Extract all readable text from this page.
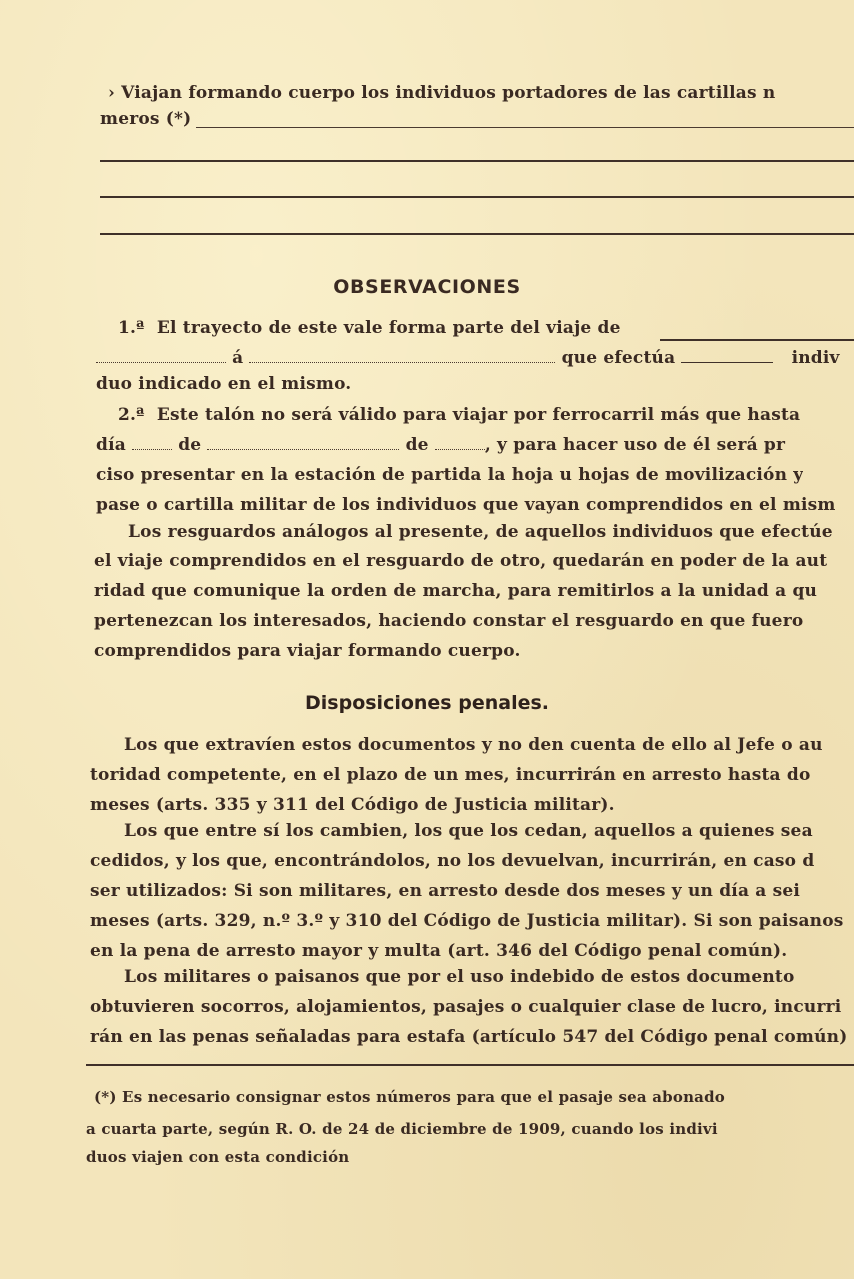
› Viajan formando cuerpo los individuos portadores de las cartillas n
meros (*)
OBSERVACIONES
1.ª El trayecto de este vale forma parte del viaje de
á	que efectúa	indiv
duo indicado en el mismo.
2.ª Este talón no será válido para viajar por ferrocarril más que hasta
día	de	de	, y para hacer uso de él será pr
ciso presentar en la estación de partida la hoja u hojas de movilización y
pase o cartilla militar de los individuos que vayan comprendidos en el mism
Los resguardos análogos al presente, de aquellos individuos que efectúe
el viaje comprendidos en el resguardo de otro, quedarán en poder de la aut
ridad que comunique la orden de marcha, para remitirlos a la unidad a qu
pertenezcan los interesados, haciendo constar el resguardo en que fuero
comprendidos para viajar formando cuerpo.
Disposiciones penales.
Los que extravíen estos documentos y no den cuenta de ello al Jefe o au
toridad competente, en el plazo de un mes, incurrirán en arresto hasta do
meses (arts. 335 y 311 del Código de Justicia militar).
Los que entre sí los cambien, los que los cedan, aquellos a quienes sea
cedidos, y los que, encontrándolos, no los devuelvan, incurrirán, en caso d
ser utilizados: Si son militares, en arresto desde dos meses y un día a sei
meses (arts. 329, n.º 3.º y 310 del Código de Justicia militar). Si son paisanos
en la pena de arresto mayor y multa (art. 346 del Código penal común).
Los militares o paisanos que por el uso indebido de estos documento
obtuvieren socorros, alojamientos, pasajes o cualquier clase de lucro, incurri
rán en las penas señaladas para estafa (artículo 547 del Código penal común)
(*) Es necesario consignar estos números para que el pasaje sea abonado
a cuarta parte, según R. O. de 24 de diciembre de 1909, cuando los indivi
duos viajen con esta condición
